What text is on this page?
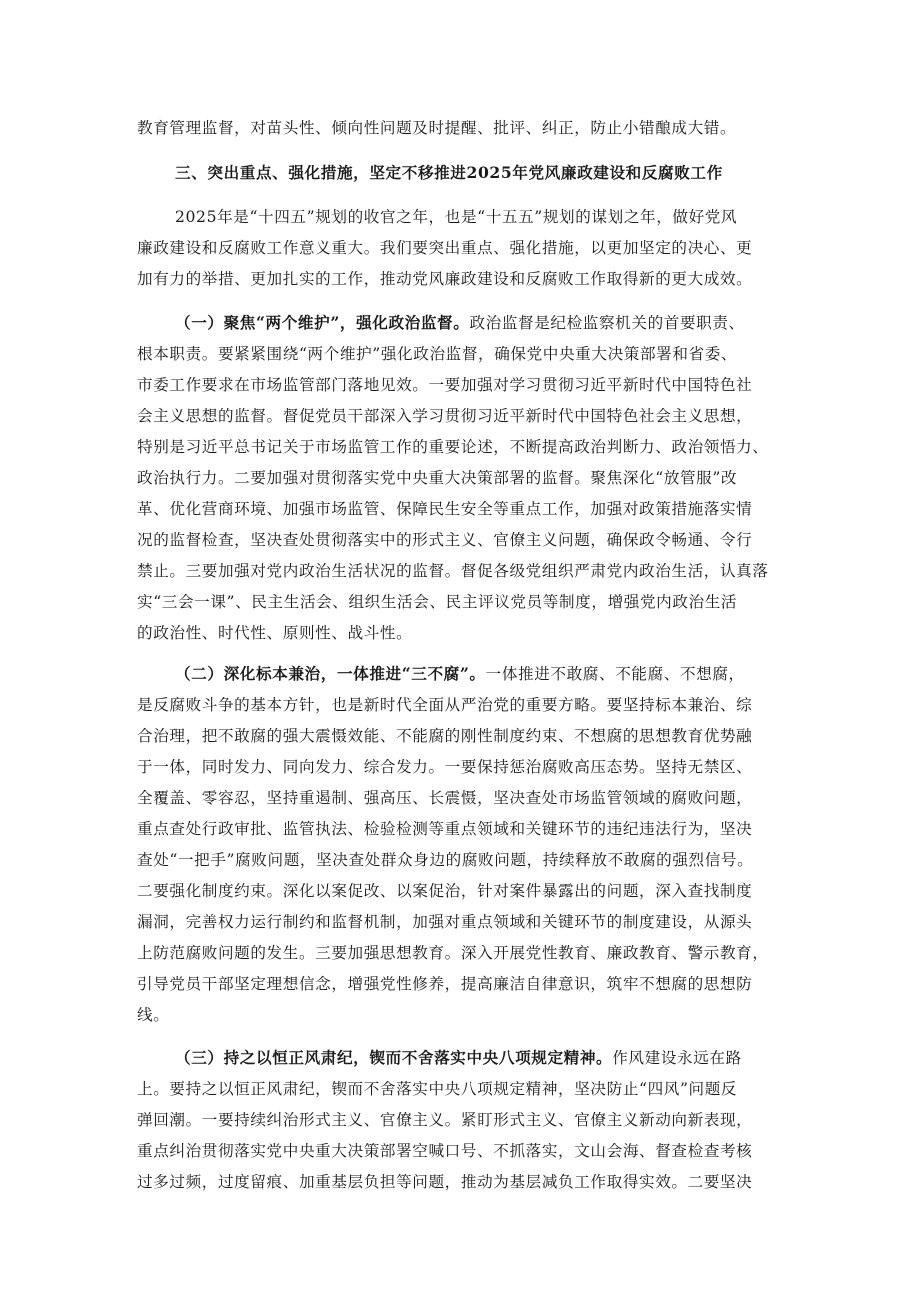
教育管理监督，对苗头性、倾向性问题及时提醒、批评、纠正，防止小错酿成大错。
三、突出重点、强化措施，坚定不移推进2025年党风廉政建设和反腐败工作
2025年是“十四五”规划的收官之年，也是“十五五”规划的谋划之年，做好党风
廉政建设和反腐败工作意义重大。我们要突出重点、强化措施，以更加坚定的决心、更
加有力的举措、更加扎实的工作，推动党风廉政建设和反腐败工作取得新的更大成效。
（一）聚焦“两个维护”，强化政治监督。政治监督是纪检监察机关的首要职责、
根本职责。要紧紧围绕“两个维护”强化政治监督，确保党中央重大决策部署和省委、
市委工作要求在市场监管部门落地见效。一要加强对学习贯彻习近平新时代中国特色社
会主义思想的监督。督促党员干部深入学习贯彻习近平新时代中国特色社会主义思想，
特别是习近平总书记关于市场监管工作的重要论述，不断提高政治判断力、政治领悟力、
政治执行力。二要加强对贯彻落实党中央重大决策部署的监督。聚焦深化“放管服”改
革、优化营商环境、加强市场监管、保障民生安全等重点工作，加强对政策措施落实情
况的监督检查，坚决查处贯彻落实中的形式主义、官僚主义问题，确保政令畅通、令行
禁止。三要加强对党内政治生活状况的监督。督促各级党组织严肃党内政治生活，认真落
实“三会一课”、民主生活会、组织生活会、民主评议党员等制度，增强党内政治生活
的政治性、时代性、原则性、战斗性。
（二）深化标本兼治，一体推进“三不腐”。一体推进不敢腐、不能腐、不想腐，
是反腐败斗争的基本方针，也是新时代全面从严治党的重要方略。要坚持标本兼治、综
合治理，把不敢腐的强大震慑效能、不能腐的刚性制度约束、不想腐的思想教育优势融
于一体，同时发力、同向发力、综合发力。一要保持惩治腐败高压态势。坚持无禁区、
全覆盖、零容忍，坚持重遏制、强高压、长震慑，坚决查处市场监管领域的腐败问题，
重点查处行政审批、监管执法、检验检测等重点领域和关键环节的违纪违法行为，坚决
查处“一把手”腐败问题，坚决查处群众身边的腐败问题，持续释放不敢腐的强烈信号。
二要强化制度约束。深化以案促改、以案促治，针对案件暴露出的问题，深入查找制度
漏洞，完善权力运行制约和监督机制，加强对重点领域和关键环节的制度建设，从源头
上防范腐败问题的发生。三要加强思想教育。深入开展党性教育、廉政教育、警示教育，
引导党员干部坚定理想信念，增强党性修养，提高廉洁自律意识，筑牢不想腐的思想防
线。
（三）持之以恒正风肃纪，锲而不舍落实中央八项规定精神。作风建设永远在路
上。要持之以恒正风肃纪，锲而不舍落实中央八项规定精神，坚决防止“四风”问题反
弹回潮。一要持续纠治形式主义、官僚主义。紧盯形式主义、官僚主义新动向新表现，
重点纠治贯彻落实党中央重大决策部署空喊口号、不抓落实，文山会海、督查检查考核
过多过频，过度留痕、加重基层负担等问题，推动为基层减负工作取得实效。二要坚决
